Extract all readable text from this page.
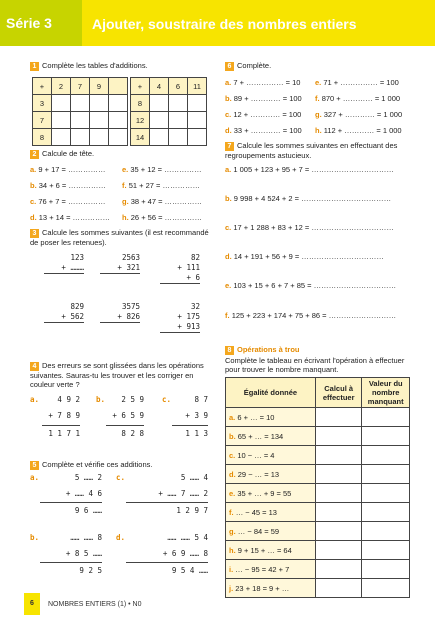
Série 3	Ajouter, soustraire des nombres entiers
1 Complète les tables d'additions.
+	2	7	9	
3				
7				
8				
+	4	6	11
8			
12			
14			
2 Calcule de tête.
a. 9 + 17 = ……………	e. 35 + 12 = ……………
b. 34 + 6 = ……………	f. 51 + 27 = ……………
c. 76 + 7 = ……………	g. 38 + 47 = ……………
d. 13 + 14 = ……………	h. 26 + 56 = ……………
3 Calcule les sommes suivantes (il est recommandé de poser les retenues).
123
+ ………
2563
+ 321
82
+ 111
+ 6
829
+ 562
3575
+ 826
32
+ 175
+ 913
4 Des erreurs se sont glissées dans les opérations suivantes. Sauras-tu les trouver et les corriger en couleur verte ?
a.	4 9 2
+ 7 8 9
1 1 7 1
b.	2 5 9
+ 6 5 9
8 2 8
c.	8 7
+ 3 9
1 1 3
5 Complète et vérifie ces additions.
a.	5 …… 2
+ …… 4 6
9 6 ……
c.	5 …… 4
+ …… 7 …… 2
1 2 9 7
b.	…… …… 8
+ 8 5 ……
9 2 5
d.	…… …… 5 4
+ 6 9 …… 8
9 5 4 ……
6 Complète.
a. 7 + …………… = 10	e. 71 + …………… = 100
b. 89 + ………… = 100	f. 870 + ………… = 1 000
c. 12 + ………… = 100	g. 327 + ………… = 1 000
d. 33 + ………… = 100	h. 112 + ………… = 1 000
7 Calcule les sommes suivantes en effectuant des regroupements astucieux.
a. 1 005 + 123 + 95 + 7 = ……………………………
b. 9 998 + 4 524 + 2 = ………………………………
c. 17 + 1 288 + 83 + 12 = ……………………………
d. 14 + 191 + 56 + 9 = ……………………………
e. 103 + 15 + 6 + 7 + 85 = ……………………………
f. 125 + 223 + 174 + 75 + 86 = ………………………
8 Opérations à trou
Complète le tableau en écrivant l'opération à effectuer pour trouver le nombre manquant.
Égalité donnée	Calcul à effectuer	Valeur du nombre manquant
a. 6 + … = 10		
b. 65 + … = 134		
c. 10 − … = 4		
d. 29 − … = 13		
e. 35 + … + 9 = 55		
f. … − 45 = 13		
g. … − 84 = 59		
h. 9 + 15 + … = 64		
i. … − 95 = 42 + 7		
j. 23 + 18 = 9 + …		
6	NOMBRES ENTIERS (1) • N0
